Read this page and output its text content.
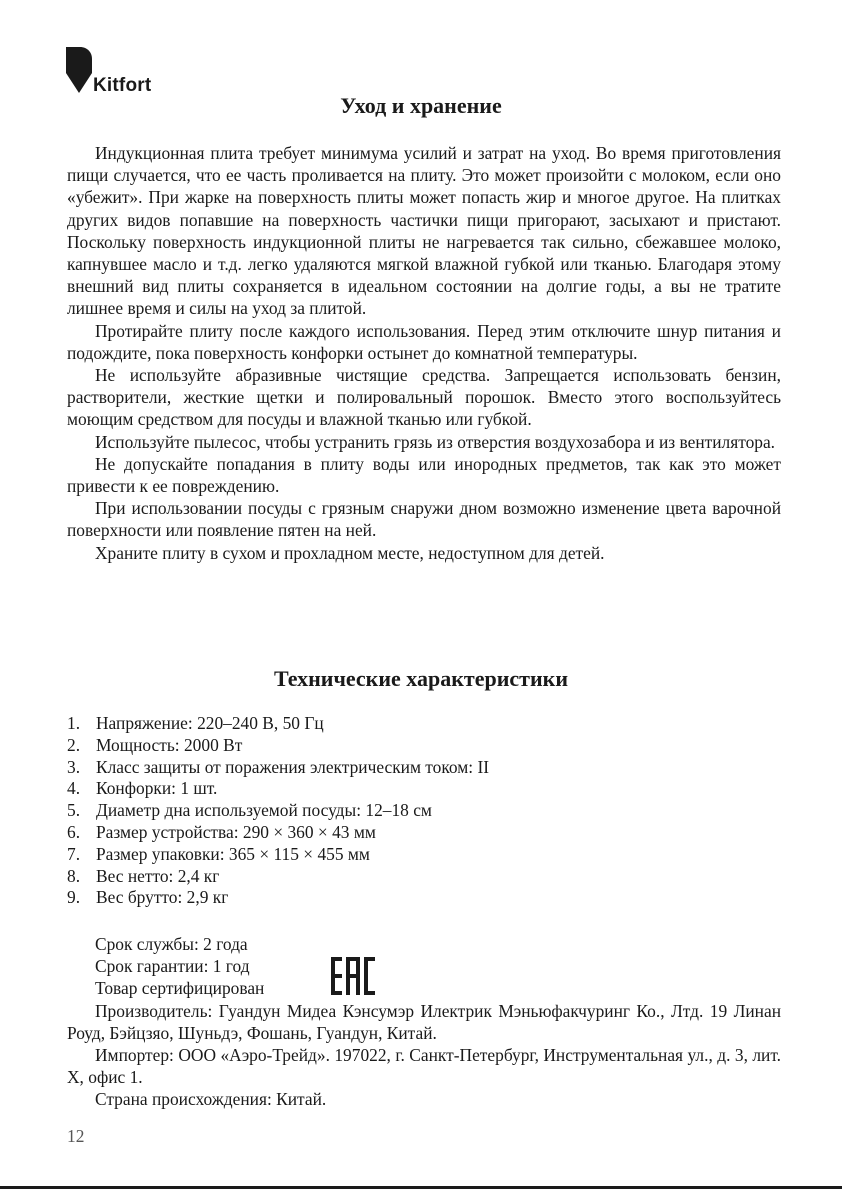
Kitfort
Уход и хранение

Индукционная плита требует минимума усилий и затрат на уход. Во время приготовления пищи случается, что ее часть проливается на плиту. Это может произойти с молоком, если оно «убежит». При жарке на поверхность плиты может попасть жир и многое другое. На плитках других видов попавшие на поверхность частички пищи пригорают, засыхают и пристают. Поскольку поверхность индукционной плиты не нагревается так сильно, сбежавшее молоко, капнувшее масло и т.д. легко удаляются мягкой влажной губкой или тканью. Благодаря этому внешний вид плиты сохраняется в идеальном состоянии на долгие годы, а вы не тратите лишнее время и силы на уход за плитой.

Протирайте плиту после каждого использования. Перед этим отключите шнур питания и подождите, пока поверхность конфорки остынет до комнатной температуры.

Не используйте абразивные чистящие средства. Запрещается использовать бензин, растворители, жесткие щетки и полировальный порошок. Вместо этого воспользуйтесь моющим средством для посуды и влажной тканью или губкой.

Используйте пылесос, чтобы устранить грязь из отверстия воздухозабора и из вентилятора.

Не допускайте попадания в плиту воды или инородных предметов, так как это может привести к ее повреждению.

При использовании посуды с грязным снаружи дном возможно изменение цвета варочной поверхности или появление пятен на ней.

Храните плиту в сухом и прохладном месте, недоступном для детей.

Технические характеристики
1. Напряжение: 220–240 В, 50 Гц
2. Мощность: 2000 Вт
3. Класс защиты от поражения электрическим током: II
4. Конфорки: 1 шт.
5. Диаметр дна используемой посуды: 12–18 см
6. Размер устройства: 290 × 360 × 43 мм
7. Размер упаковки: 365 × 115 × 455 мм
8. Вес нетто: 2,4 кг
9. Вес брутто: 2,9 кг

Срок службы: 2 года

Срок гарантии: 1 год

Товар сертифицирован

Производитель: Гуандун Мидеа Кэнсумэр Илектрик Мэньюфакчуринг Ко., Лтд. 19 Линан Роуд, Бэйцзяо, Шуньдэ, Фошань, Гуандун, Китай.

Импортер: ООО «Аэро-Трейд». 197022, г. Санкт-Петербург, Инструментальная ул., д. 3, лит. Х, офис 1.

Страна происхождения: Китай.

12
